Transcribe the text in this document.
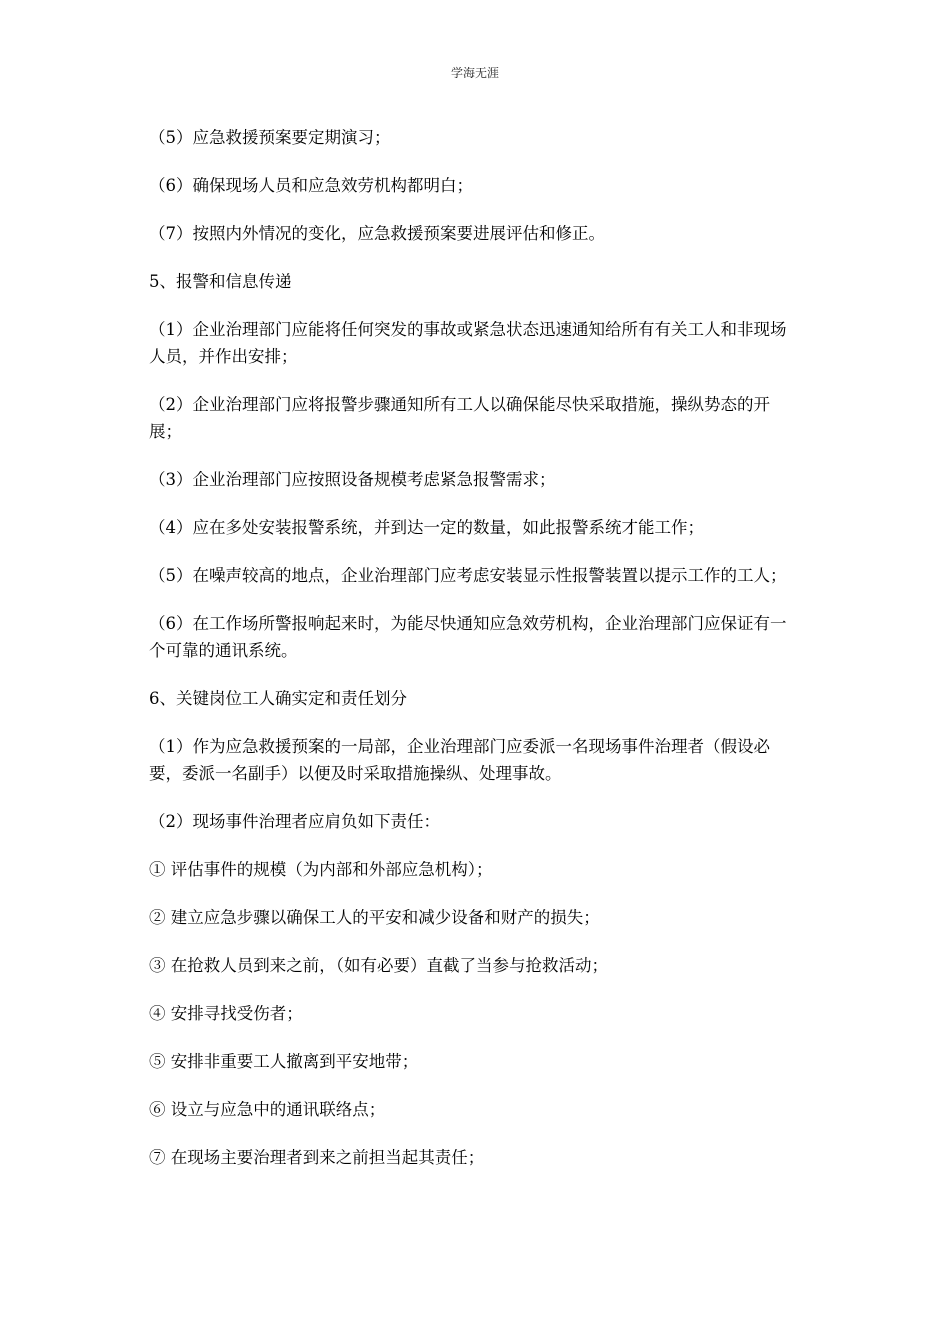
学海无涯

（5）应急救援预案要定期演习；

（6）确保现场人员和应急效劳机构都明白；

（7）按照内外情况的变化，应急救援预案要进展评估和修正。

5、报警和信息传递

（1）企业治理部门应能将任何突发的事故或紧急状态迅速通知给所有有关工人和非现场人员，并作出安排；

（2）企业治理部门应将报警步骤通知所有工人以确保能尽快采取措施，操纵势态的开展；

（3）企业治理部门应按照设备规模考虑紧急报警需求；

（4）应在多处安装报警系统，并到达一定的数量，如此报警系统才能工作；

（5）在噪声较高的地点，企业治理部门应考虑安装显示性报警装置以提示工作的工人；

（6）在工作场所警报响起来时，为能尽快通知应急效劳机构，企业治理部门应保证有一个可靠的通讯系统。

6、关键岗位工人确实定和责任划分

（1）作为应急救援预案的一局部，企业治理部门应委派一名现场事件治理者（假设必要，委派一名副手）以便及时采取措施操纵、处理事故。

（2）现场事件治理者应肩负如下责任：

① 评估事件的规模（为内部和外部应急机构）；

② 建立应急步骤以确保工人的平安和减少设备和财产的损失；

③ 在抢救人员到来之前，（如有必要）直截了当参与抢救活动；

④ 安排寻找受伤者；

⑤ 安排非重要工人撤离到平安地带；

⑥ 设立与应急中的通讯联络点；

⑦ 在现场主要治理者到来之前担当起其责任；
